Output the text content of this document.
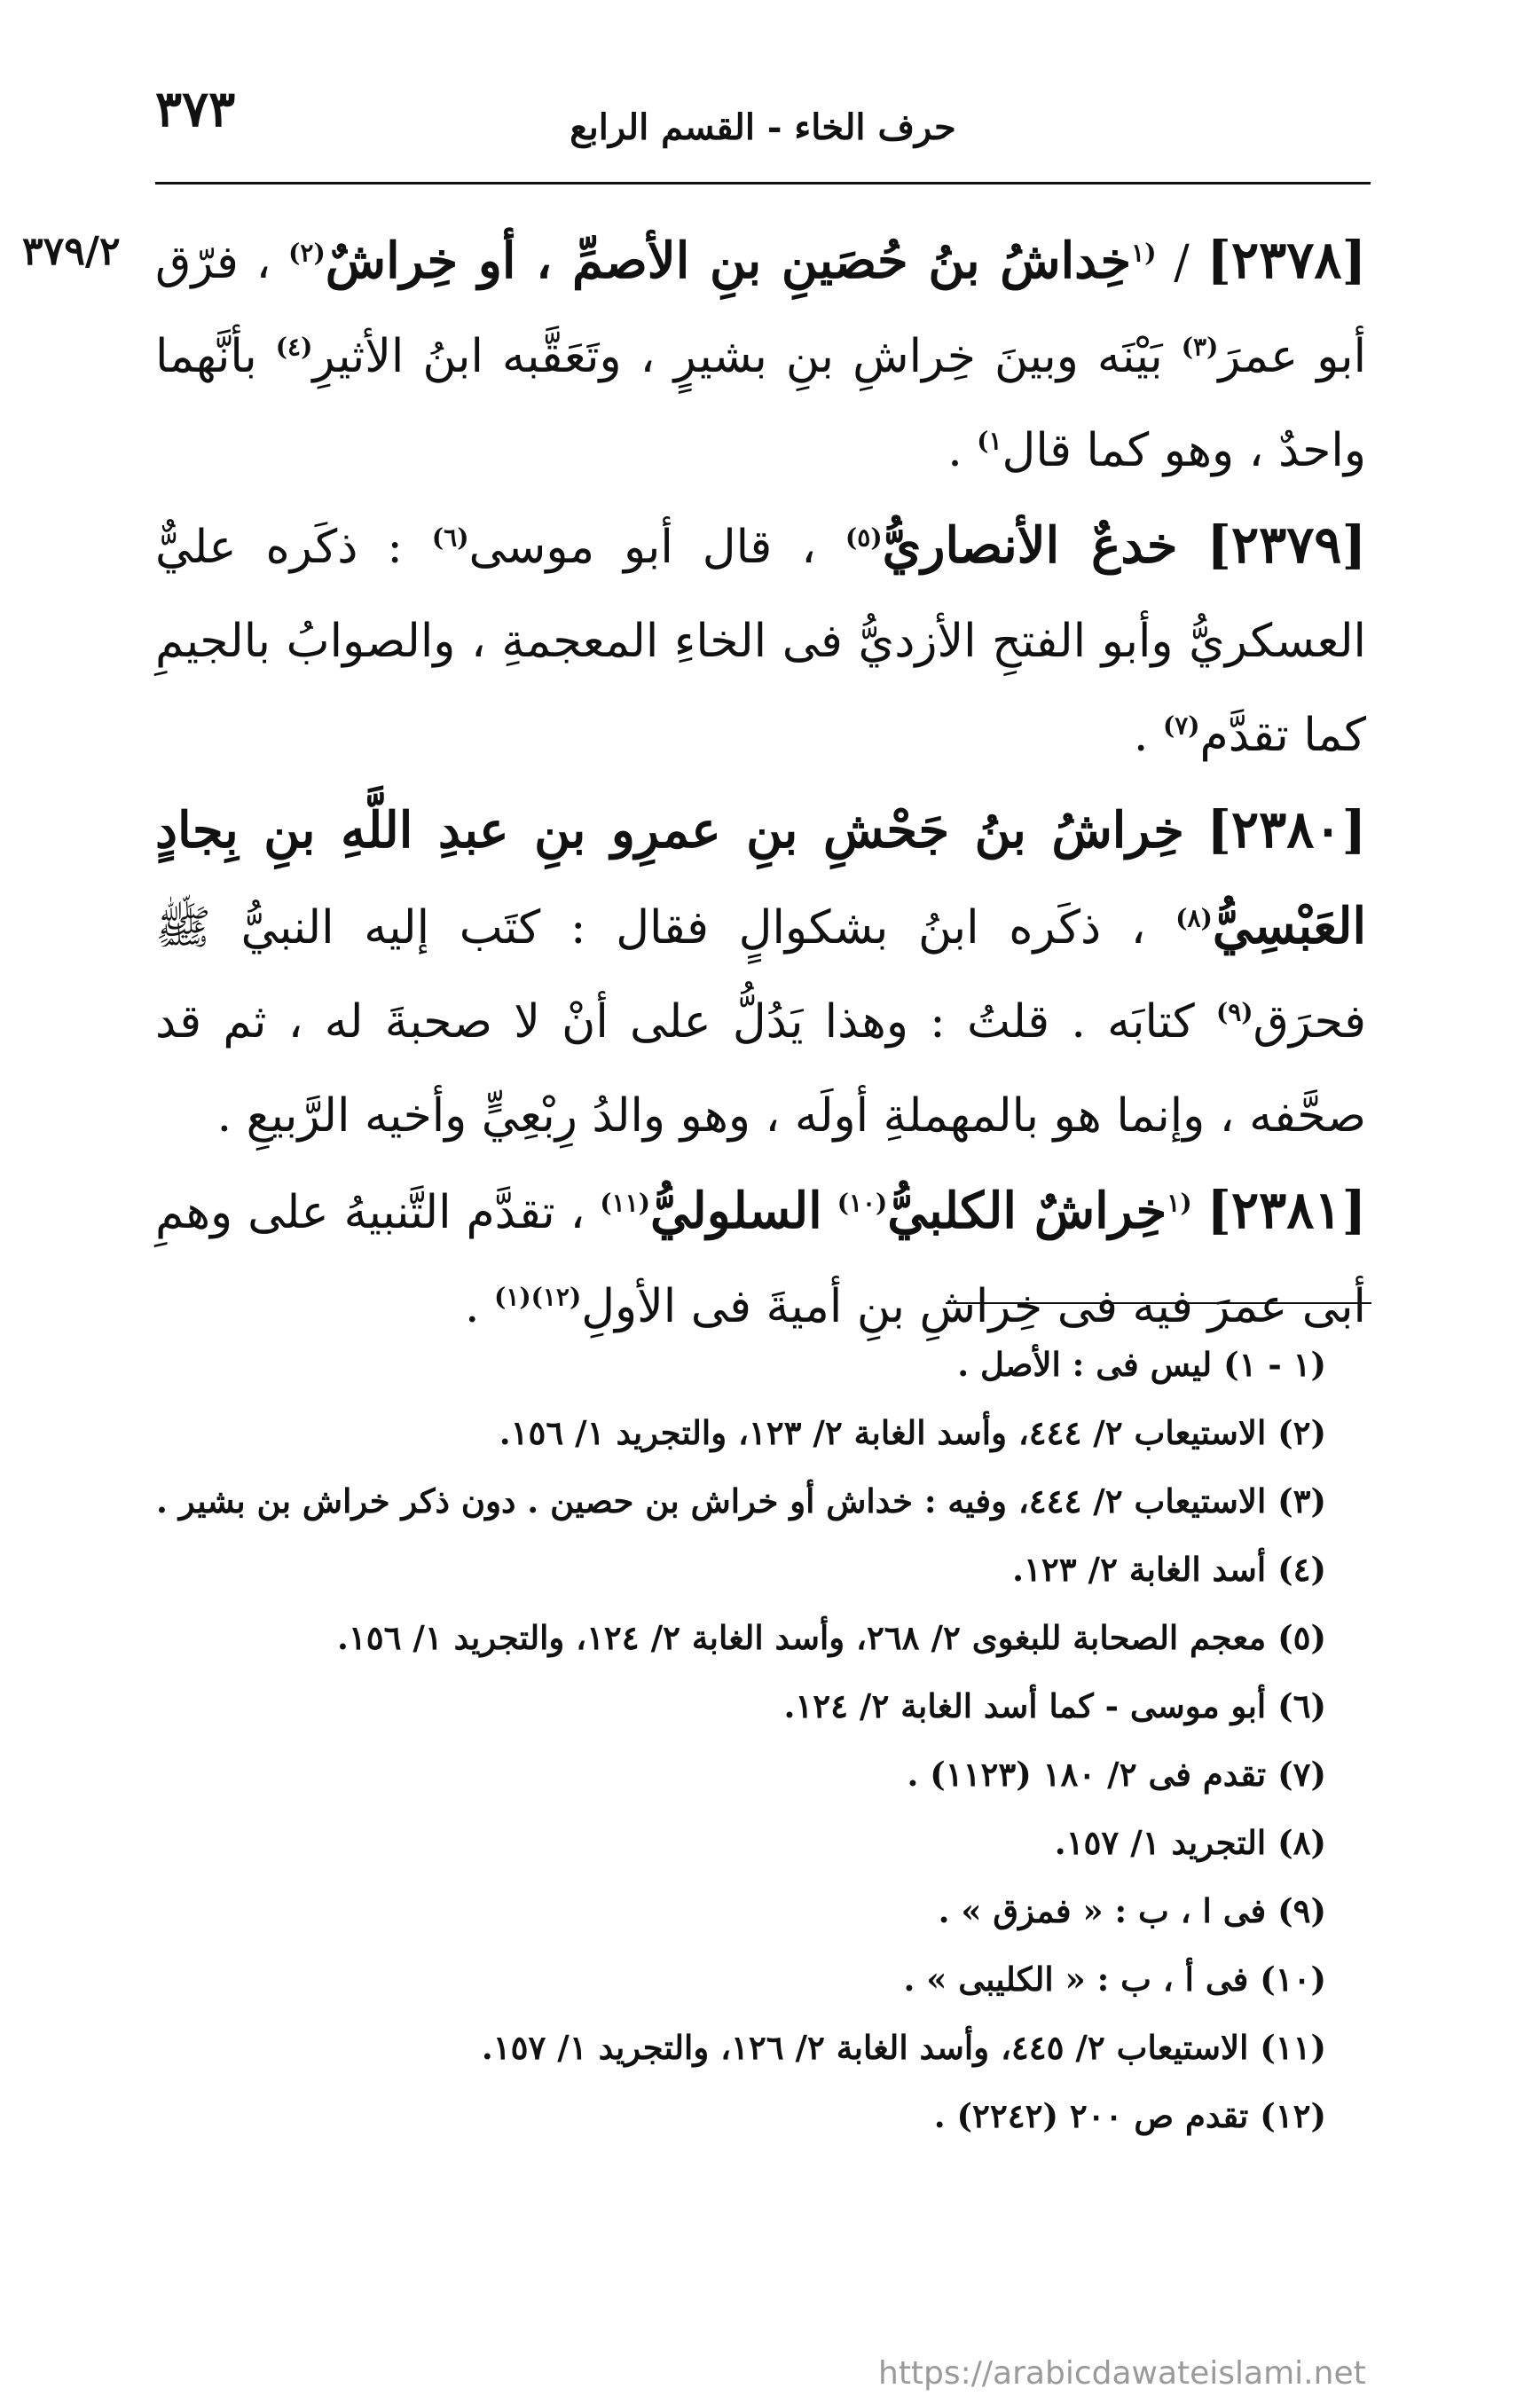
٣٧٣	حرف الخاء - القسم الرابع
٣٧٩/٢	[٢٣٧٨] / $^{(١}$خِداشُ بنُ حُصَينِ بنِ الأصمِّ ، أو خِراشٌ$^{(٢)}$ ، فرّق أبو عمرَ$^{(٣)}$ بَيْنَه وبينَ خِراشِ بنِ بشيرٍ ، وتَعَقَّبه ابنُ الأثيرِ$^{(٤)}$ بأنَّهما واحدٌ ، وهو كما قال$^{١)}$ .

[٢٣٧٩] خدعٌ الأنصاريُّ$^{(٥)}$ ، قال أبو موسى$^{(٦)}$ : ذكَره عليٌّ العسكريُّ وأبو الفتحِ الأزديُّ فى الخاءِ المعجمةِ ، والصوابُ بالجيمِ كما تقدَّم$^{(٧)}$ .

[٢٣٨٠] خِراشُ بنُ جَحْشِ بنِ عمرِو بنِ عبدِ اللَّهِ بنِ بِجادٍ العَبْسِيُّ$^{(٨)}$ ، ذكَره ابنُ بشكوالٍ فقال : كتَب إليه النبيُّ ﷺ فحرَق$^{(٩)}$ كتابَه . قلتُ : وهذا يَدُلُّ على أنْ لا صحبةَ له ، ثم قد صحَّفه ، وإنما هو بالمهملةِ أولَه ، وهو والدُ رِبْعِيٍّ وأخيه الرَّبيعِ .

[٢٣٨١] $^{(١}$خِراشٌ الكلبيُّ$^{(١٠)}$ السلوليُّ$^{(١١)}$ ، تقدَّم التَّنبيهُ على وهمِ أبى عمرَ فيه فى خِراشِ بنِ أميةَ فى الأولِ$^{(١٢)(١)}$ .

(١ - ١) ليس فى : الأصل .

(٢) الاستيعاب ٢/ ٤٤٤، وأسد الغابة ٢/ ١٢٣، والتجريد ١/ ١٥٦.

(٣) الاستيعاب ٢/ ٤٤٤، وفيه : خداش أو خراش بن حصين . دون ذكر خراش بن بشير .

(٤) أسد الغابة ٢/ ١٢٣.

(٥) معجم الصحابة للبغوى ٢/ ٢٦٨، وأسد الغابة ٢/ ١٢٤، والتجريد ١/ ١٥٦.

(٦) أبو موسى - كما أسد الغابة ٢/ ١٢٤.

(٧) تقدم فى ٢/ ١٨٠ (١١٢٣) .

(٨) التجريد ١/ ١٥٧.

(٩) فى ا ، ب : « فمزق » .

(١٠) فى أ ، ب : « الكليبى » .

(١١) الاستيعاب ٢/ ٤٤٥، وأسد الغابة ٢/ ١٢٦، والتجريد ١/ ١٥٧.

(١٢) تقدم ص ٢٠٠ (٢٢٤٢) .

https://arabicdawateislami.net
